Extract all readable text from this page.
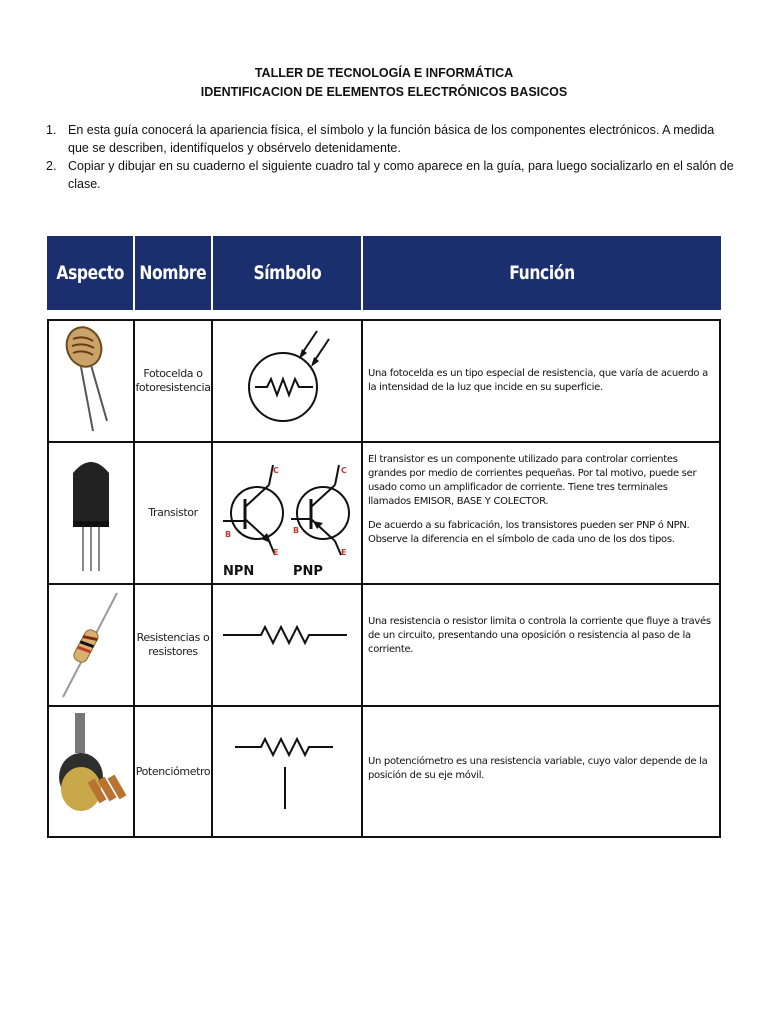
TALLER DE TECNOLOGÍA E INFORMÁTICA
IDENTIFICACION DE ELEMENTOS ELECTRÓNICOS BASICOS
1. En esta guía conocerá la apariencia física, el símbolo y la función básica de los componentes electrónicos. A medida que se describen, identifíquelos y obsérvelo detenidamente.
2. Copiar y dibujar en su cuaderno el siguiente cuadro tal y como aparece en la guía, para luego socializarlo en el salón de clase.
Aspecto Nombre Símbolo	Función
Fotocelda o fotoresistencia

Una fotocelda es un tipo especial de resistencia, que varía de acuerdo a la intensidad de la luz que incide en su superficie.

Transistor
C
B
E
NPN
C
B
E
PNP

El transistor es un componente utilizado para controlar corrientes grandes por medio de corrientes pequeñas. Por tal motivo, puede ser usado como un amplificador de corriente. Tiene tres terminales llamados EMISOR, BASE Y COLECTOR.

De acuerdo a su fabricación, los transistores pueden ser PNP ó NPN. Observe la diferencia en el símbolo de cada uno de los dos tipos.

Resistencias o resistores

Una resistencia o resistor limita o controla la corriente que fluye a través de un circuito, presentando una oposición o resistencia al paso de la corriente.

Potenciómetro

Un potenciómetro es una resistencia variable, cuyo valor depende de la posición de su eje móvil.
